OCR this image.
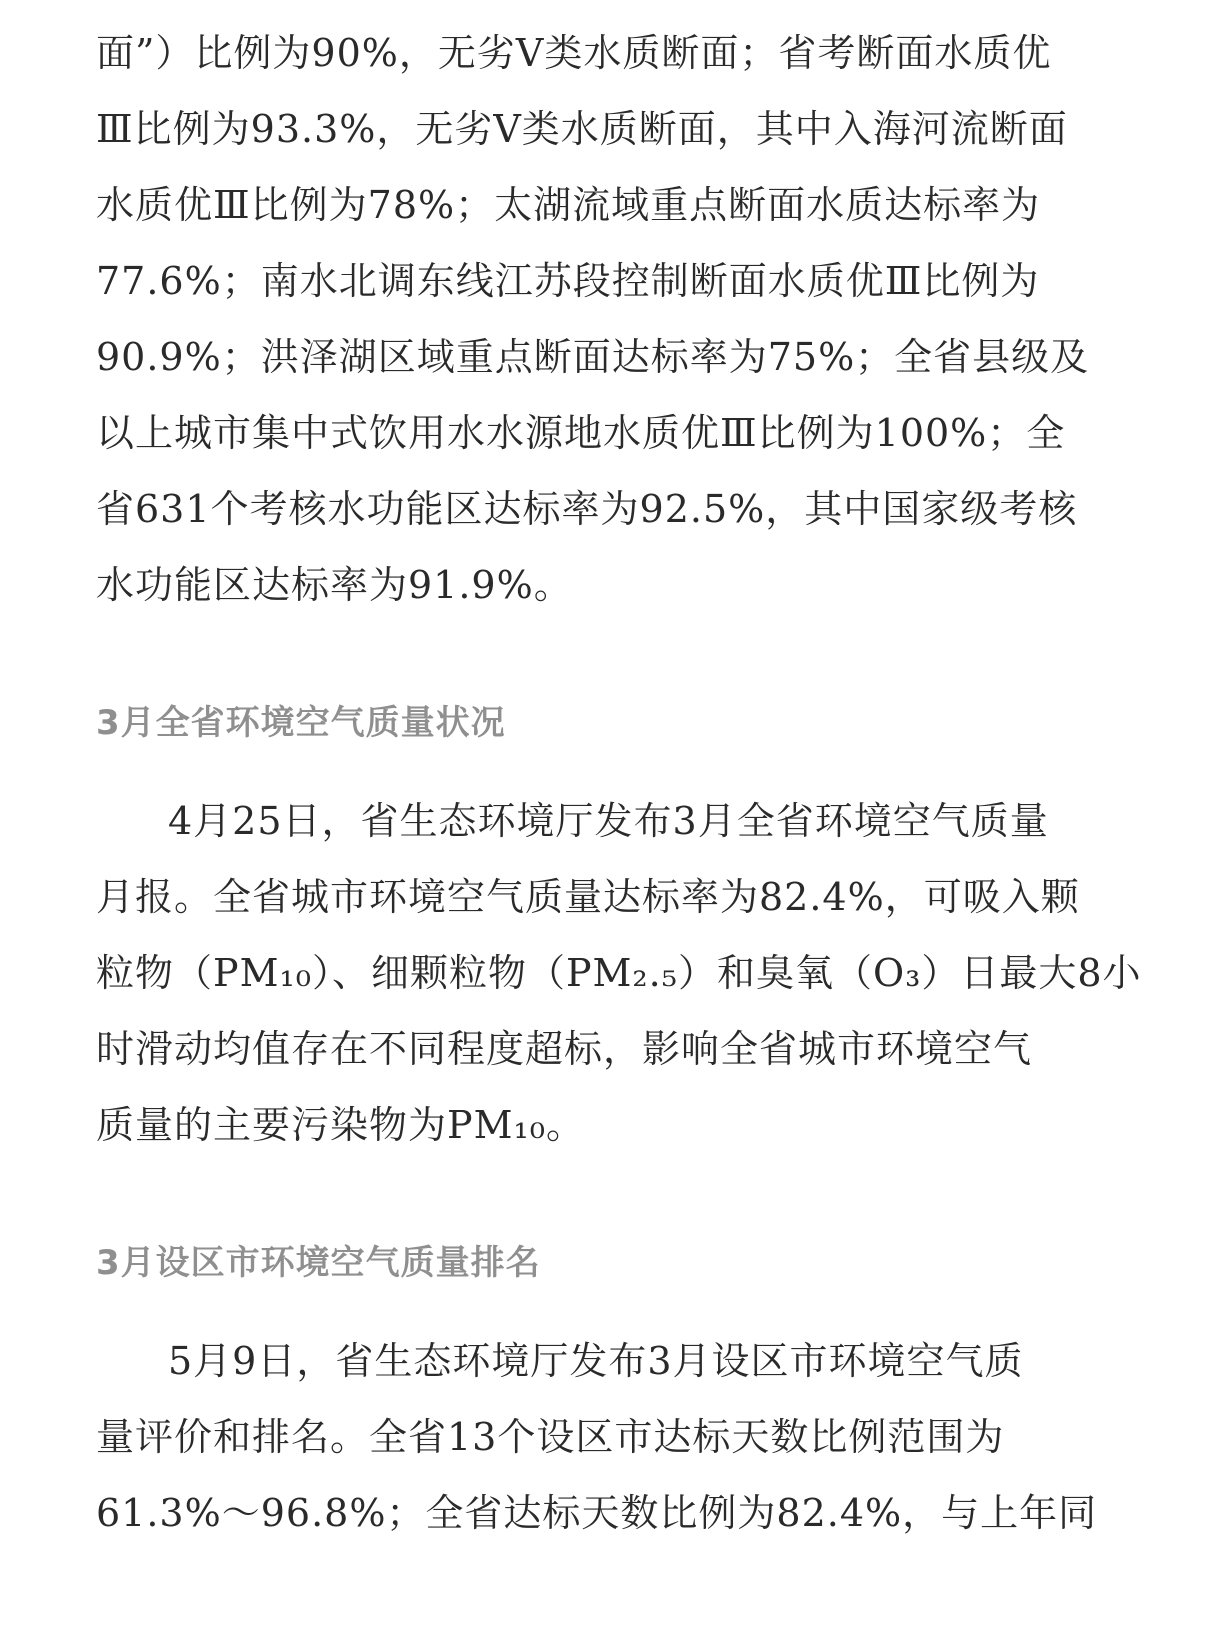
面”）比例为90%，无劣Ⅴ类水质断面；省考断面水质优
Ⅲ比例为93.3%，无劣Ⅴ类水质断面，其中入海河流断面
水质优Ⅲ比例为78%；太湖流域重点断面水质达标率为
77.6%；南水北调东线江苏段控制断面水质优Ⅲ比例为
90.9%；洪泽湖区域重点断面达标率为75%；全省县级及
以上城市集中式饮用水水源地水质优Ⅲ比例为100%；全
省631个考核水功能区达标率为92.5%，其中国家级考核
水功能区达标率为91.9%。
3月全省环境空气质量状况
4月25日，省生态环境厅发布3月全省环境空气质量
月报。全省城市环境空气质量达标率为82.4%，可吸入颗
粒物（PM₁₀）、细颗粒物（PM₂.₅）和臭氧（O₃）日最大8小
时滑动均值存在不同程度超标，影响全省城市环境空气
质量的主要污染物为PM₁₀。
3月设区市环境空气质量排名
5月9日，省生态环境厅发布3月设区市环境空气质
量评价和排名。全省13个设区市达标天数比例范围为
61.3%～96.8%；全省达标天数比例为82.4%，与上年同
